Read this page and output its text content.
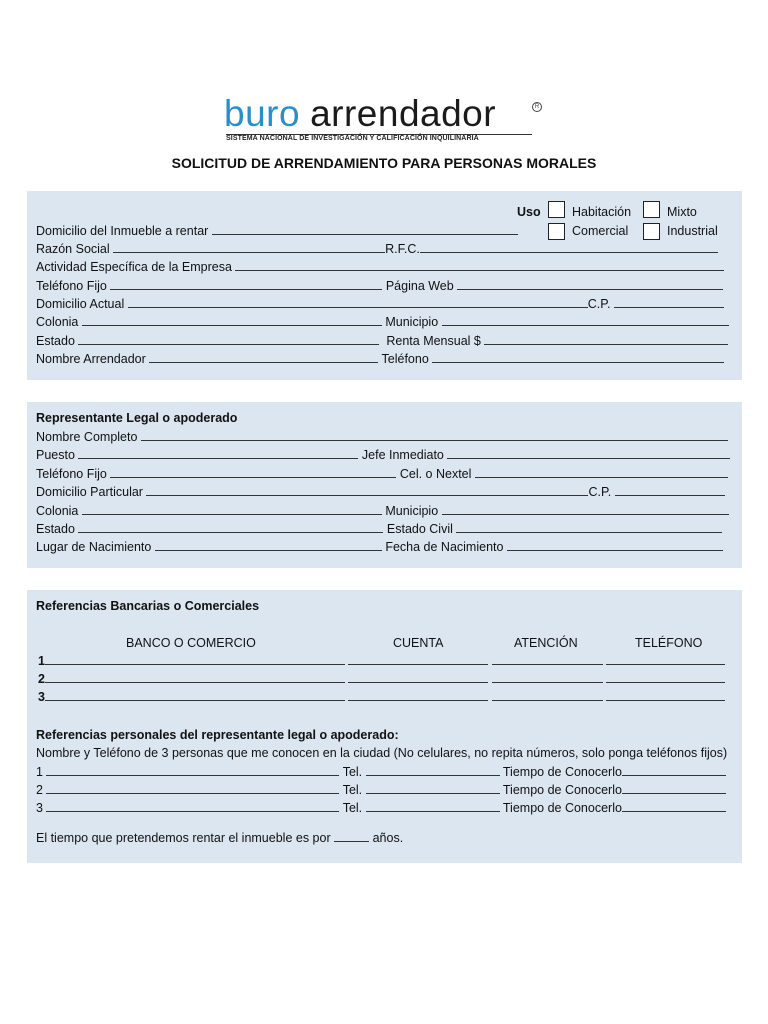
buro arrendador	R
SISTEMA NACIONAL DE INVESTIGACIÓN Y CALIFICACIÓN INQUILINARIA
SOLICITUD DE ARRENDAMIENTO PARA PERSONAS MORALES
Uso	Habitación	Mixto
Comercial	Industrial
Domicilio del Inmueble a rentar
Razón Social	R.F.C.
Actividad Específica de la Empresa
Teléfono Fijo	Página Web
Domicilio Actual	C.P.
Colonia	Municipio
Estado	Renta Mensual $
Nombre Arrendador	Teléfono
Representante Legal o apoderado
Nombre Completo
Puesto	Jefe Inmediato
Teléfono Fijo	Cel. o Nextel
Domicilio Particular	C.P.
Colonia	Municipio
Estado	Estado Civil
Lugar de Nacimiento	Fecha de Nacimiento
Referencias Bancarias o Comerciales
BANCO O COMERCIO	CUENTA	ATENCIÓN	TELÉFONO
1
2
3
Referencias personales del representante legal o apoderado:
Nombre y Teléfono de 3 personas que me conocen en la ciudad (No celulares, no repita números, solo ponga teléfonos fijos)
1	Tel.	Tiempo de Conocerlo
2	Tel.	Tiempo de Conocerlo
3	Tel.	Tiempo de Conocerlo
El tiempo que pretendemos rentar el inmueble es por	años.
